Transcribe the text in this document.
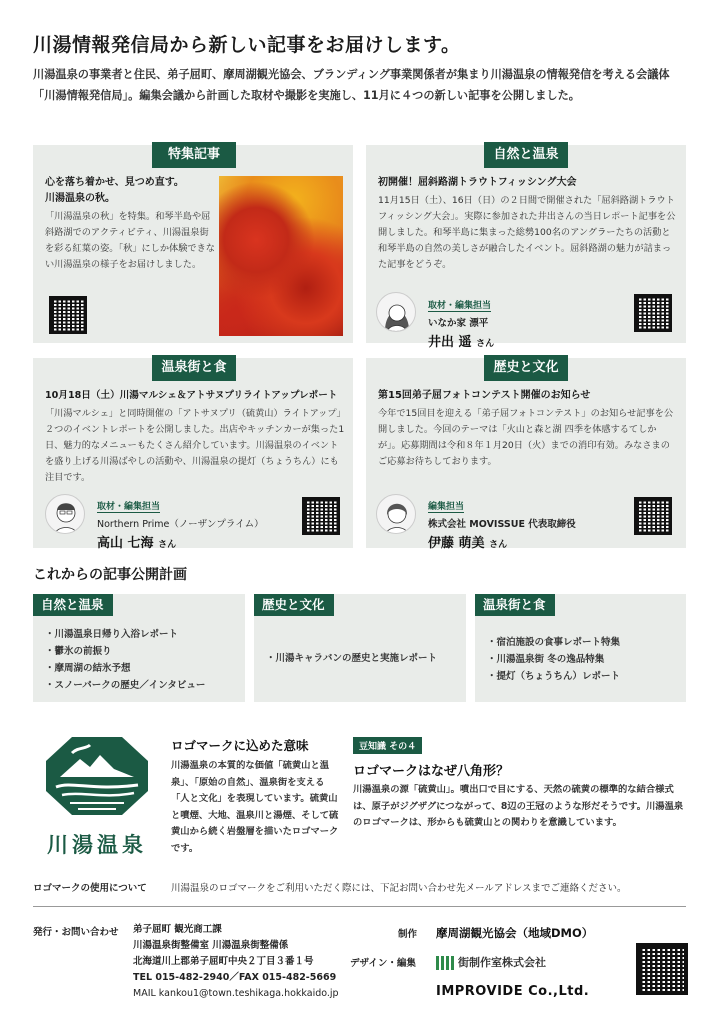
川湯情報発信局から新しい記事をお届けします。
川湯温泉の事業者と住民、弟子屈町、摩周湖観光協会、ブランディング事業関係者が集まり川湯温泉の情報発信を考える会議体「川湯情報発信局」。編集会議から計画した取材や撮影を実施し、11月に４つの新しい記事を公開しました。
特集記事
心を落ち着かせ、見つめ直す。
川湯温泉の秋。
「川湯温泉の秋」を特集。和琴半島や屈斜路湖でのアクティビティ、川湯温泉街を彩る紅葉の姿。「秋」にしか体験できない川湯温泉の様子をお届けしました。
自然と温泉
初開催！屈斜路湖トラウトフィッシング大会
11月15日（土）、16日（日）の２日間で開催された「屈斜路湖トラウトフィッシング大会」。実際に参加された井出さんの当日レポート記事を公開しました。和琴半島に集まった総勢100名のアングラーたちの活動と和琴半島の自然の美しさが融合したイベント。屈斜路湖の魅力が詰まった記事をどうぞ。
取材・編集担当
いなか家 漂平
井出 遥 さん
温泉街と食
10月18日（土）川湯マルシェ＆アトサヌプリライトアップレポート
「川湯マルシェ」と同時開催の「アトサヌプリ（硫黄山）ライトアップ」２つのイベントレポートを公開しました。出店やキッチンカーが集った1日、魅力的なメニューもたくさん紹介しています。川湯温泉のイベントを盛り上げる川湯ばやしの活動や、川湯温泉の提灯（ちょうちん）にも注目です。
取材・編集担当
Northern Prime（ノーザンプライム）
高山 七海 さん
歴史と文化
第15回弟子屈フォトコンテスト開催のお知らせ
今年で15回目を迎える「弟子屈フォトコンテスト」のお知らせ記事を公開しました。今回のテーマは「火山と森と湖 四季を体感するてしかが」。応募期間は令和８年１月20日（火）までの消印有効。みなさまのご応募お待ちしております。
編集担当
株式会社 MOVISSUE 代表取締役
伊藤 萌美 さん
これからの記事公開計画
自然と温泉
・川湯温泉日帰り入浴レポート
・鬱氷の前振り
・摩周湖の結氷予想
・スノーパークの歴史／インタビュー
歴史と文化
・川湯キャラバンの歴史と実施レポート
温泉街と食
・宿泊施設の食事レポート特集
・川湯温泉街 冬の逸品特集
・提灯（ちょうちん）レポート
川湯温泉
ロゴマークに込めた意味
川湯温泉の本質的な価値「硫黄山と温泉」、「原始の自然」、温泉街を支える「人と文化」を表現しています。硫黄山と噴煙、大地、温泉川と湯煙、そして硫黄山から続く岩盤層を描いたロゴマークです。
豆知識 その４
ロゴマークはなぜ八角形？
川湯温泉の源「硫黄山」。噴出口で目にする、天然の硫黄の標準的な結合様式は、原子がジグザグにつながって、8辺の王冠のような形だそうです。川湯温泉のロゴマークは、形からも硫黄山との関わりを意識しています。
ロゴマークの使用について	川湯温泉のロゴマークをご利用いただく際には、下記お問い合わせ先メールアドレスまでご連絡ください。
発行・お問い合わせ 弟子屈町 観光商工課
川湯温泉街整備室 川湯温泉街整備係
北海道川上郡弟子屈町中央２丁目３番１号
TEL 015-482-2940／FAX 015-482-5669
MAIL kankou1@town.teshikaga.hokkaido.jp
制作 摩周湖観光協会（地域DMO）
デザイン・編集	街制作室株式会社
IMPROVIDE Co.,Ltd.
